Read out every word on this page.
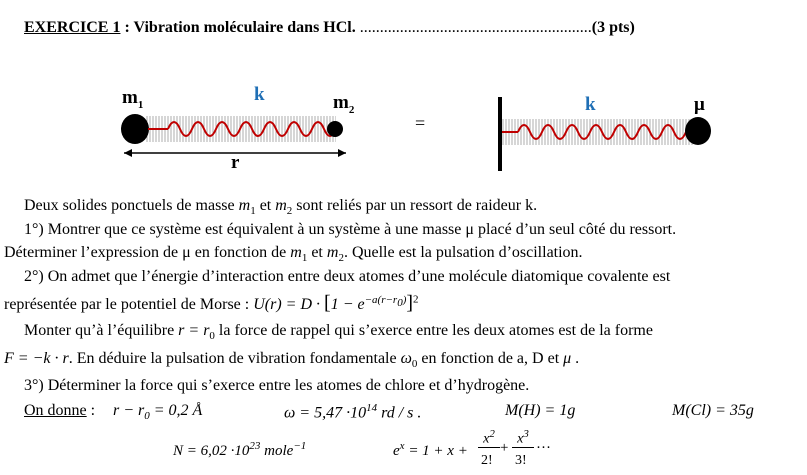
EXERCICE 1 : Vibration moléculaire dans HCl. ..........................................................(3 pts)
$m_1$	k	$m_2$
r
=
k	μ
Deux solides ponctuels de masse $m_1$ et $m_2$ sont reliés par un ressort de raideur k.
1°) Montrer que ce système est équivalent à un système à une masse μ placé d’un seul côté du ressort.
Déterminer l’expression de μ en fonction de $m_1$ et $m_2$. Quelle est la pulsation d’oscillation.
2°) On admet que l’énergie d’interaction entre deux atomes d’une molécule diatomique covalente est
représentée par le potentiel de Morse : $U(r) = D \cdot [1 - e^{-a(r-r_0)}]^2$
Monter qu’à l’équilibre $r = r_0$ la force de rappel qui s’exerce entre les deux atomes est de la forme
F = −k · r. En déduire la pulsation de vibration fondamentale $\omega_0$ en fonction de a, D et μ .
3°) Déterminer la force qui s’exerce entre les atomes de chlore et d’hydrogène.
On donne : $r - r_0 = 0,2$ Å	$\omega = 5,47 \cdot 10^{14}$ rd / s .	M(H) = 1g	M(Cl) = 35g
$N = 6,02 \cdot 10^{23}$ mole$^{-1}$	$e^x = 1 + x$ +
$x^2$
2!
+
$x^3$
3!
···
